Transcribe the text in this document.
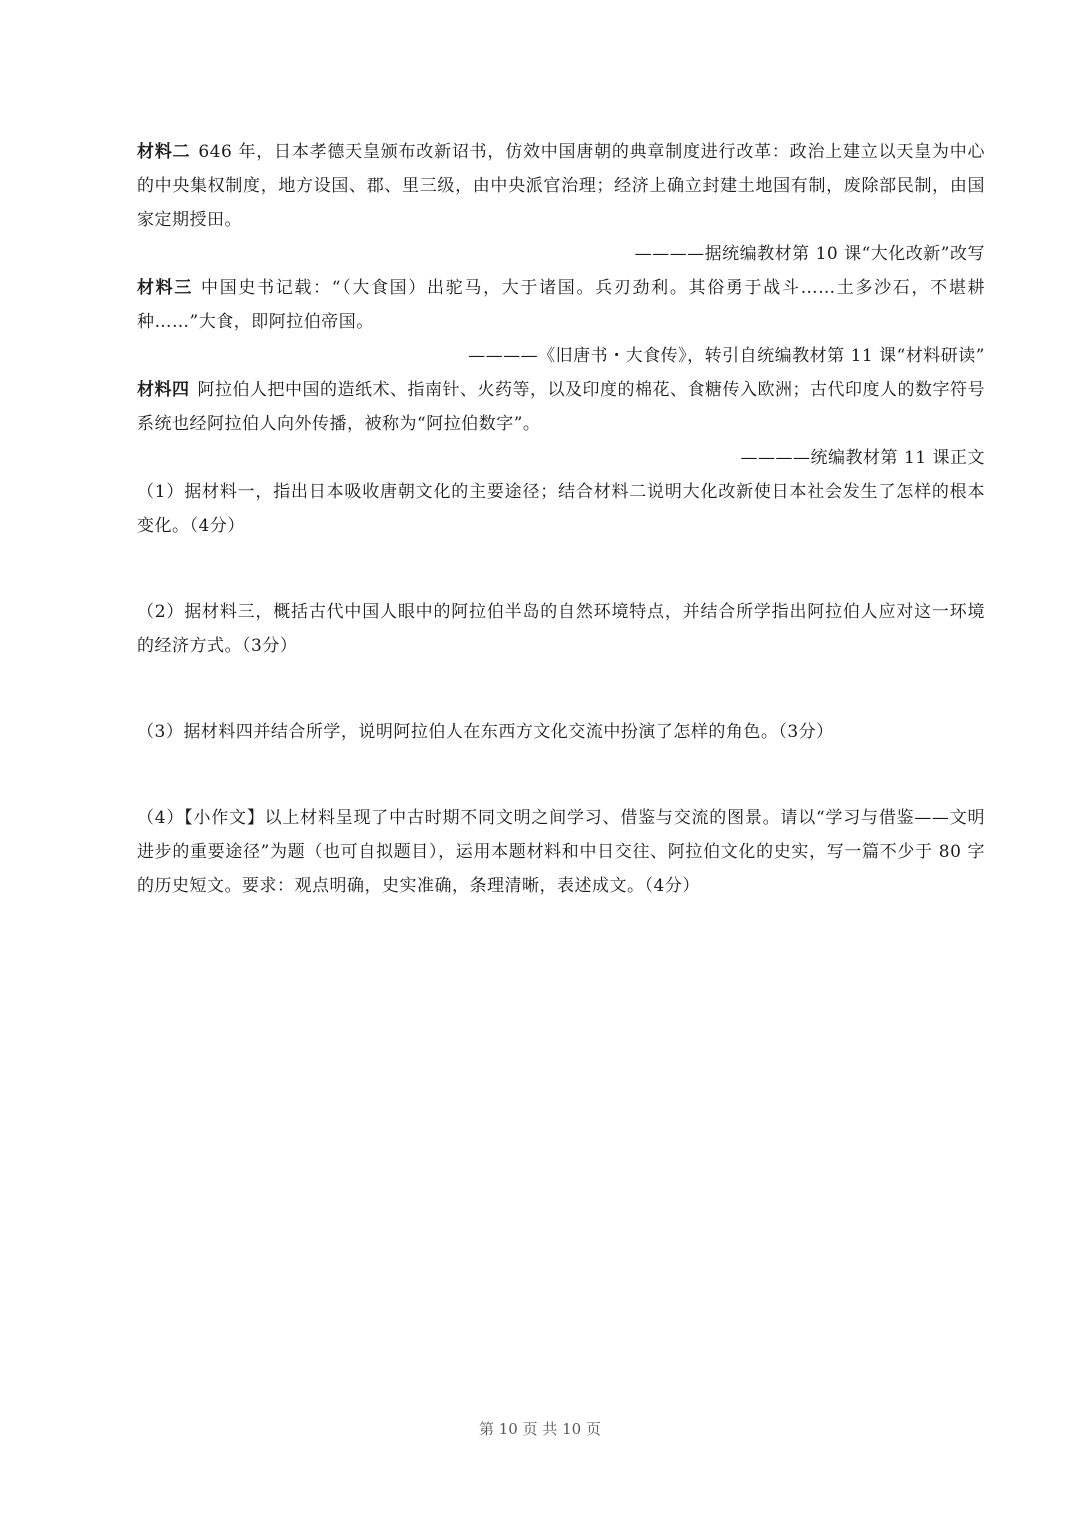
材料二 646 年，日本孝德天皇颁布改新诏书，仿效中国唐朝的典章制度进行改革：政治上建立以天皇为中心的中央集权制度，地方设国、郡、里三级，由中央派官治理；经济上确立封建土地国有制，废除部民制，由国家定期授田。

————据统编教材第 10 课“大化改新”改写

材料三 中国史书记载：“（大食国）出驼马，大于诸国。兵刃劲利。其俗勇于战斗……土多沙石，不堪耕种……”大食，即阿拉伯帝国。

————《旧唐书・大食传》，转引自统编教材第 11 课“材料研读”

材料四 阿拉伯人把中国的造纸术、指南针、火药等，以及印度的棉花、食糖传入欧洲；古代印度人的数字符号系统也经阿拉伯人向外传播，被称为“阿拉伯数字”。

————统编教材第 11 课正文

（1）据材料一，指出日本吸收唐朝文化的主要途径；结合材料二说明大化改新使日本社会发生了怎样的根本变化。（4分）

（2）据材料三，概括古代中国人眼中的阿拉伯半岛的自然环境特点，并结合所学指出阿拉伯人应对这一环境的经济方式。（3分）

（3）据材料四并结合所学，说明阿拉伯人在东西方文化交流中扮演了怎样的角色。（3分）

（4）【小作文】以上材料呈现了中古时期不同文明之间学习、借鉴与交流的图景。请以“学习与借鉴——文明进步的重要途径”为题（也可自拟题目），运用本题材料和中日交往、阿拉伯文化的史实，写一篇不少于 80 字的历史短文。要求：观点明确，史实准确，条理清晰，表述成文。（4分）

第 10 页 共 10 页
